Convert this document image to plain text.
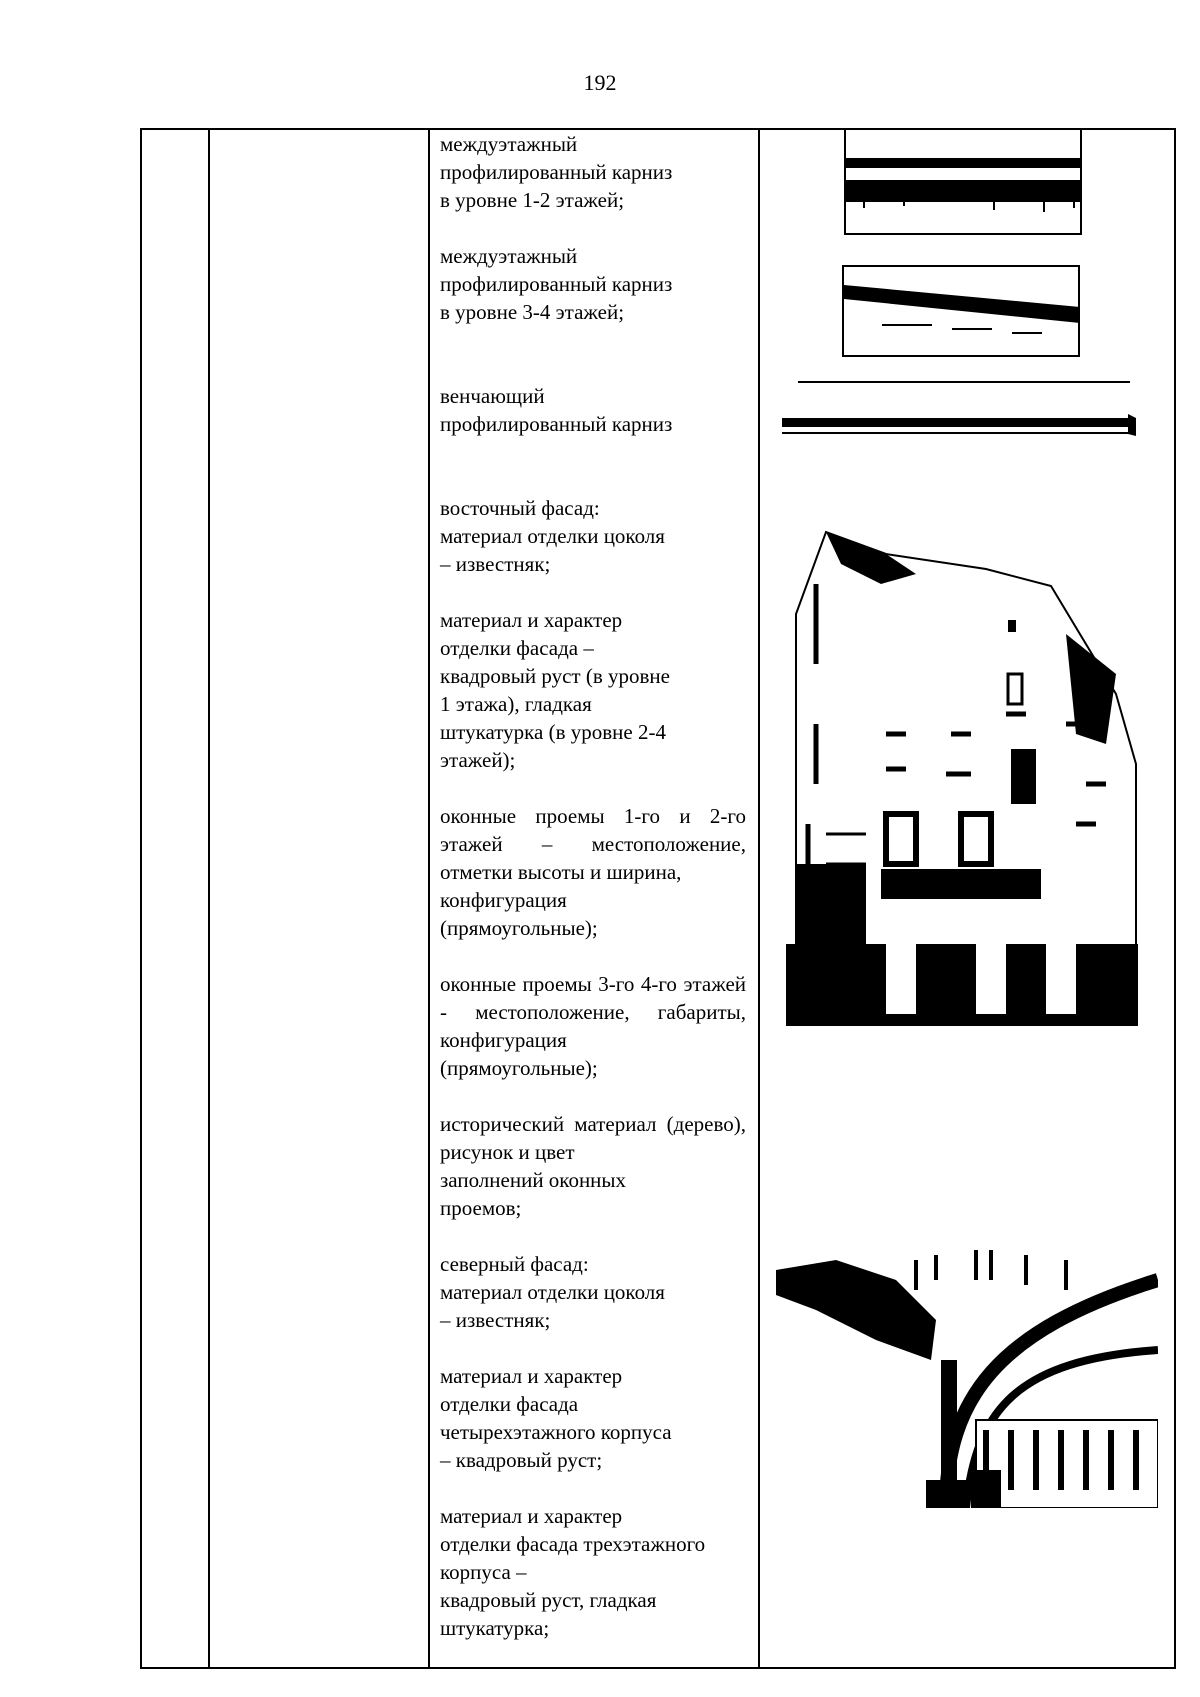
192
междуэтажный
профилированный карниз
в уровне 1-2 этажей;
междуэтажный
профилированный карниз
в уровне 3-4 этажей;
венчающий
профилированный карниз
восточный фасад:
материал отделки цоколя
– известняк;
материал и характер
отделки фасада –
квадровый руст (в уровне
1 этажа), гладкая
штукатурка (в уровне 2-4
этажей);
оконные проемы 1-го и 2-го этажей – местоположение, отметки высоты и ширина,
конфигурация
(прямоугольные);
оконные проемы 3-го 4-го этажей - местоположение, габариты, конфигурация
(прямоугольные);
исторический материал (дерево), рисунок и цвет
заполнений оконных
проемов;
северный фасад:
материал отделки цоколя
– известняк;
материал и характер
отделки фасада
четырехэтажного корпуса
– квадровый руст;
материал и характер
отделки фасада трехэтажного
корпуса –
квадровый руст, гладкая
штукатурка;
